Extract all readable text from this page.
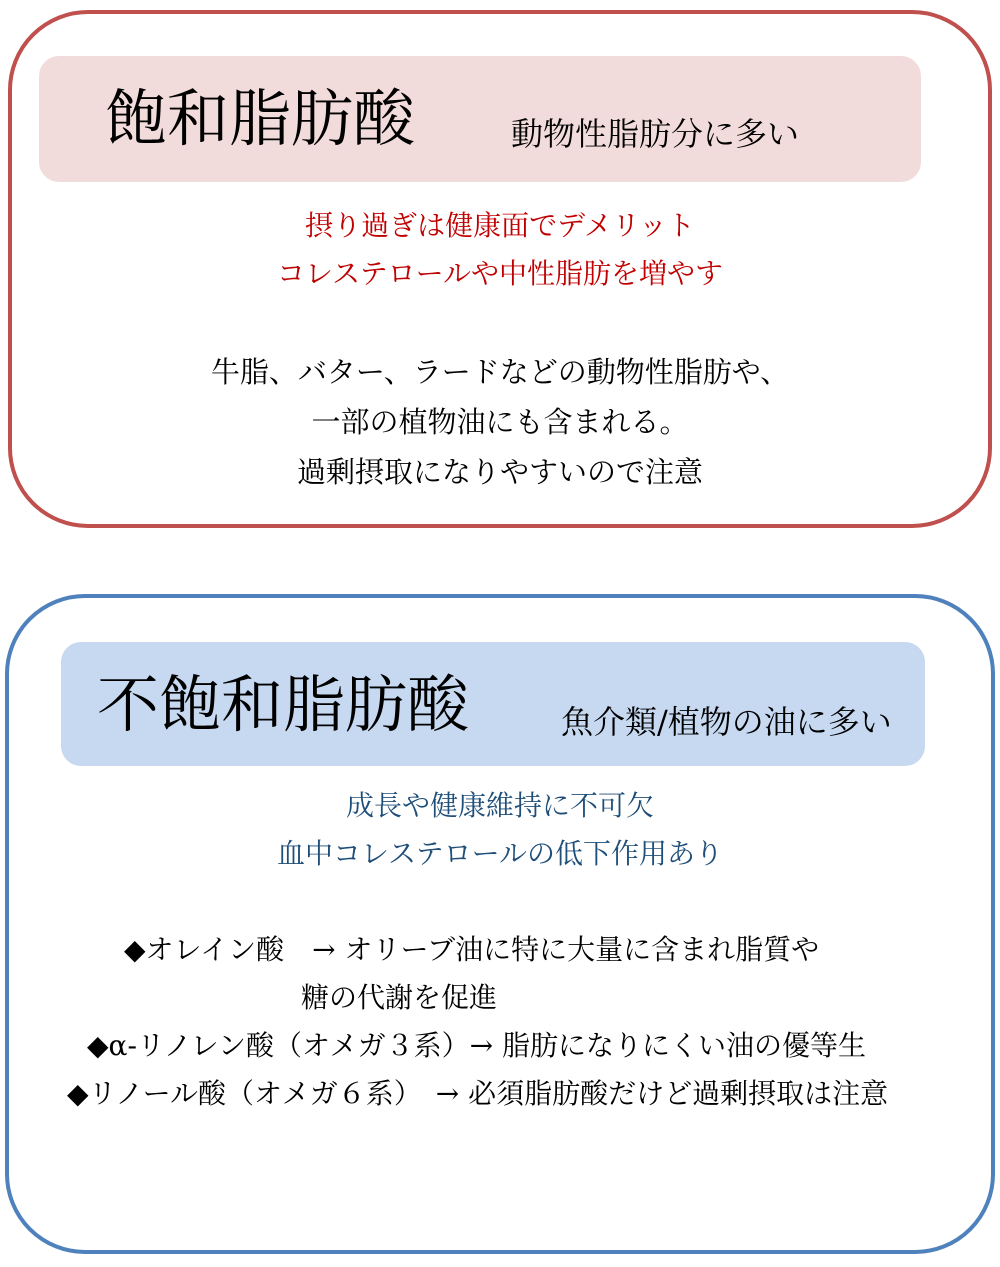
飽和脂肪酸	動物性脂肪分に多い
摂り過ぎは健康面でデメリット
コレステロールや中性脂肪を増やす
牛脂、バター、ラードなどの動物性脂肪や、
一部の植物油にも含まれる。
過剰摂取になりやすいので注意
不飽和脂肪酸	魚介類/植物の油に多い
成長や健康維持に不可欠
血中コレステロールの低下作用あり
◆オレイン酸　→ オリーブ油に特に大量に含まれ脂質や
糖の代謝を促進
◆α-リノレン酸（オメガ３系）→ 脂肪になりにくい油の優等生
◆リノール酸（オメガ６系）　→ 必須脂肪酸だけど過剰摂取は注意
